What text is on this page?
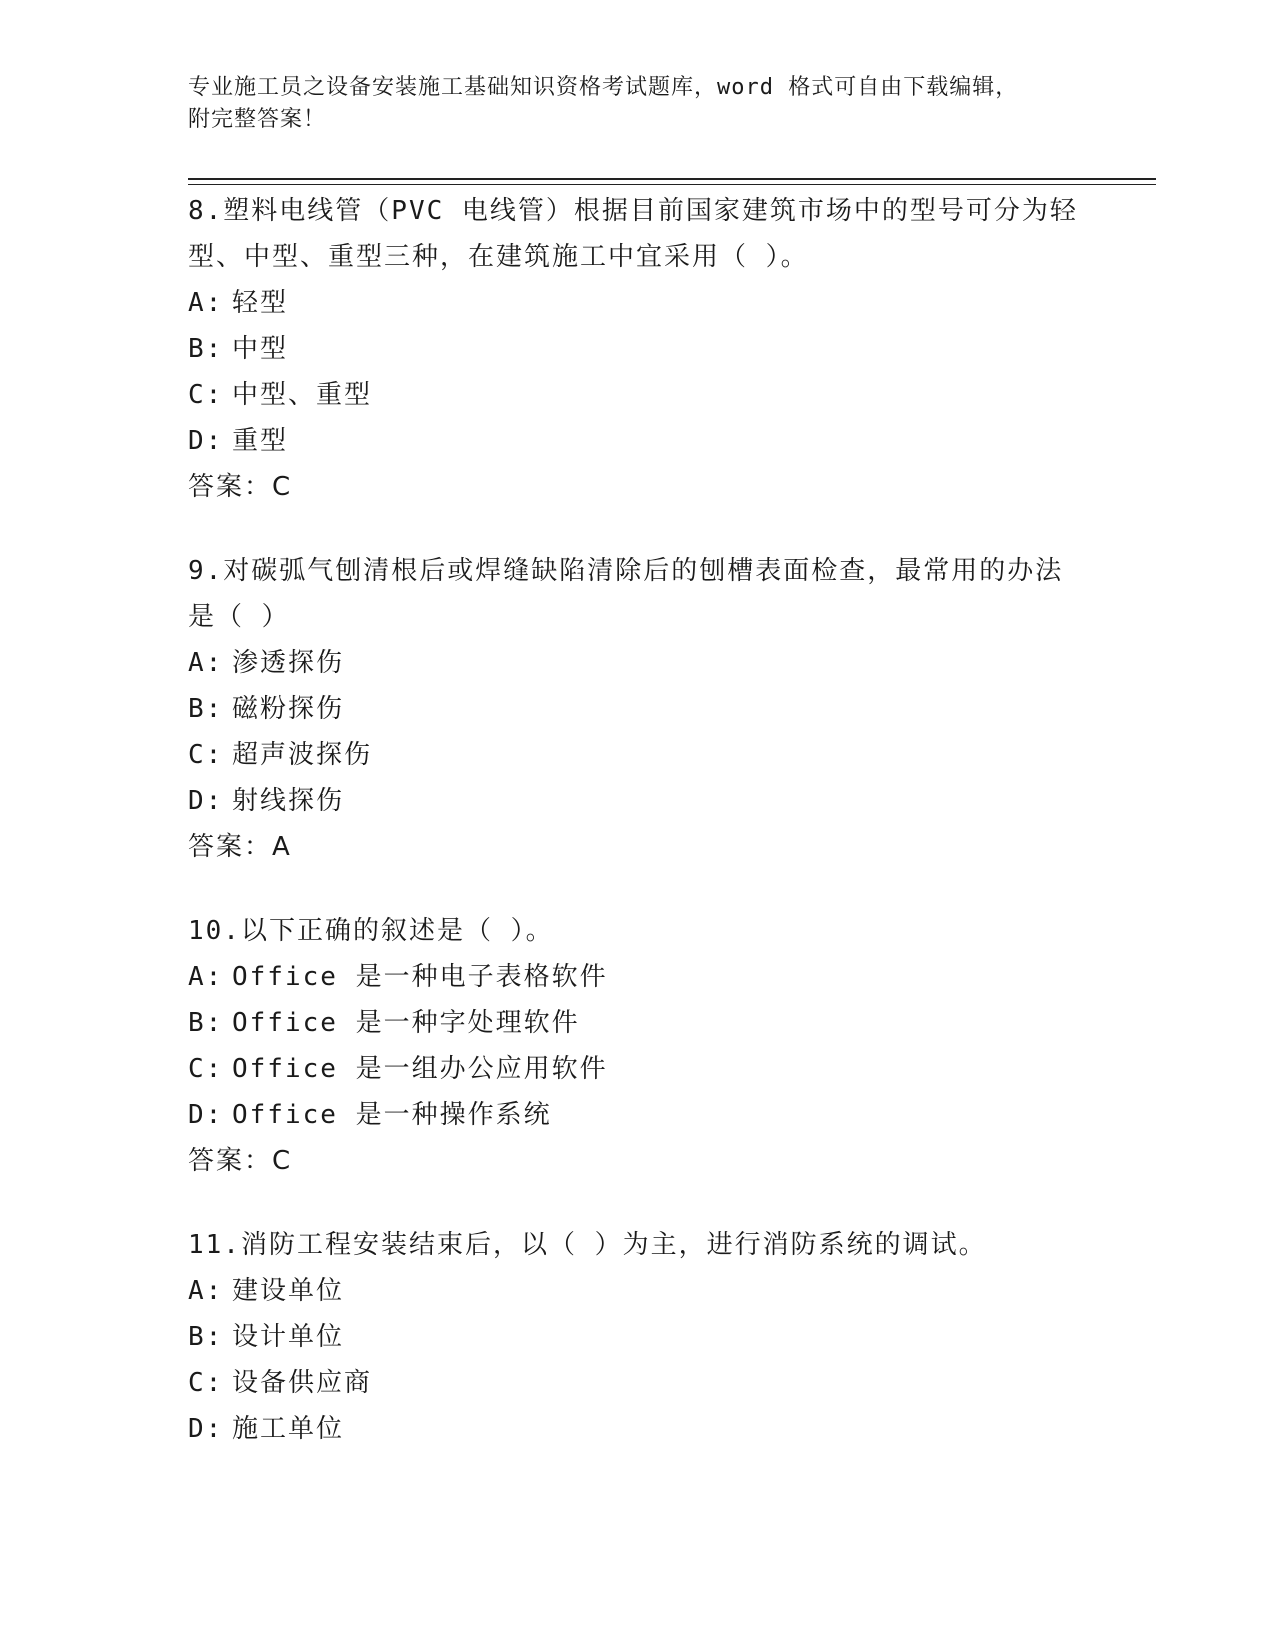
专业施工员之设备安装施工基础知识资格考试题库，word 格式可自由下载编辑，
附完整答案！

8.塑料电线管（PVC 电线管）根据目前国家建筑市场中的型号可分为轻型、中型、重型三种，在建筑施工中宜采用（ ）。

A: 轻型
B: 中型
C: 中型、重型
D: 重型

答案：C

9.对碳弧气刨清根后或焊缝缺陷清除后的刨槽表面检查，最常用的办法是（ ）

A: 渗透探伤
B: 磁粉探伤
C: 超声波探伤
D: 射线探伤

答案：A

10.以下正确的叙述是（ ）。

A: Office 是一种电子表格软件
B: Office 是一种字处理软件
C: Office 是一组办公应用软件
D: Office 是一种操作系统

答案：C

11.消防工程安装结束后，以（ ）为主，进行消防系统的调试。

A: 建设单位
B: 设计单位
C: 设备供应商
D: 施工单位
